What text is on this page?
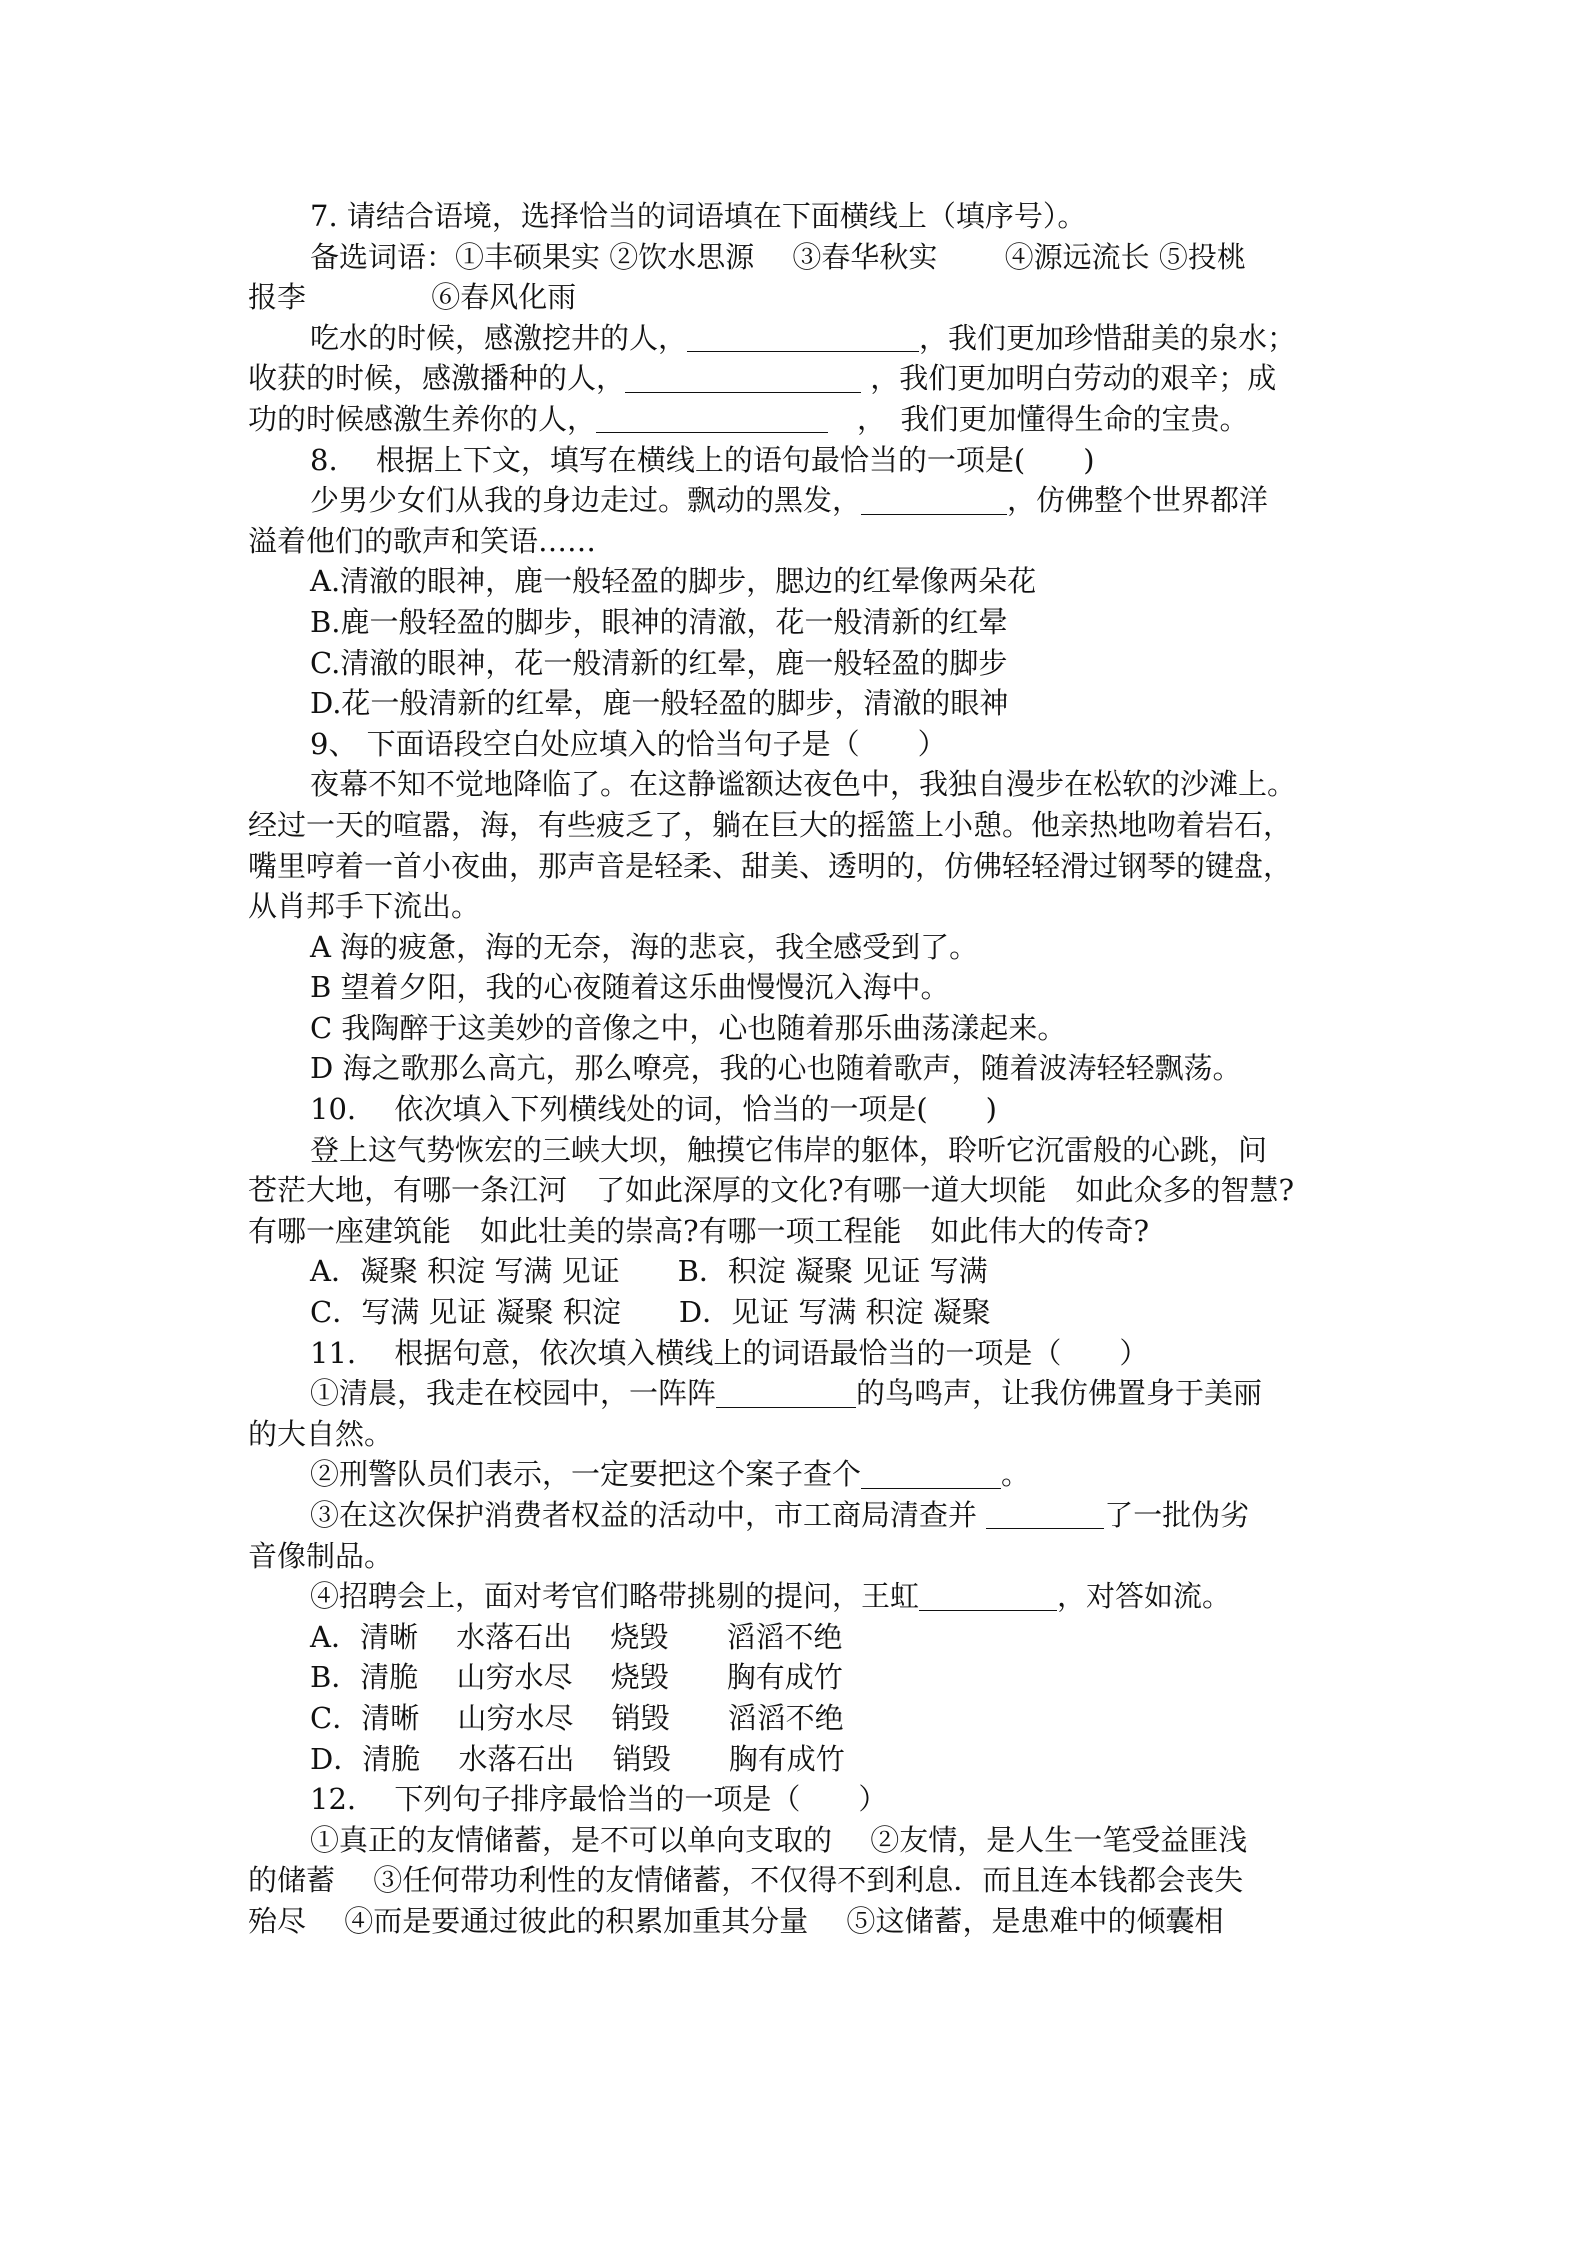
7. 请结合语境，选择恰当的词语填在下面横线上（填序号）。
备选词语：①丰硕果实 ②饮水思源　 ③春华秋实　 　④源远流长 ⑤投桃
报李　　 　　⑥春风化雨
吃水的时候，感激挖井的人，	，我们更加珍惜甜美的泉水；
收获的时候，感激播种的人，	，我们更加明白劳动的艰辛；成
功的时候感激生养你的人，	　，　我们更加懂得生命的宝贵。
8.　 根据上下文，填写在横线上的语句最恰当的一项是(　　)
少男少女们从我的身边走过。飘动的黑发，	，仿佛整个世界都洋
溢着他们的歌声和笑语……
A.清澈的眼神，鹿一般轻盈的脚步，腮边的红晕像两朵花
B.鹿一般轻盈的脚步，眼神的清澈，花一般清新的红晕
C.清澈的眼神，花一般清新的红晕，鹿一般轻盈的脚步
D.花一般清新的红晕，鹿一般轻盈的脚步，清澈的眼神
9、 下面语段空白处应填入的恰当句子是（　　）
夜幕不知不觉地降临了。在这静谧额达夜色中，我独自漫步在松软的沙滩上。
经过一天的喧嚣，海，有些疲乏了，躺在巨大的摇篮上小憩。他亲热地吻着岩石，
嘴里哼着一首小夜曲，那声音是轻柔、甜美、透明的，仿佛轻轻滑过钢琴的键盘，
从肖邦手下流出。
A 海的疲惫，海的无奈，海的悲哀，我全感受到了。
B 望着夕阳，我的心夜随着这乐曲慢慢沉入海中。
C 我陶醉于这美妙的音像之中，心也随着那乐曲荡漾起来。
D 海之歌那么高亢，那么嘹亮，我的心也随着歌声，随着波涛轻轻飘荡。
10.　 依次填入下列横线处的词，恰当的一项是(　　)
登上这气势恢宏的三峡大坝，触摸它伟岸的躯体，聆听它沉雷般的心跳，问
苍茫大地，有哪一条江河　了如此深厚的文化?有哪一道大坝能　如此众多的智慧?
有哪一座建筑能　如此壮美的崇高?有哪一项工程能　如此伟大的传奇?
A．凝聚 积淀 写满 见证　　B．积淀 凝聚 见证 写满
C．写满 见证 凝聚 积淀　　D．见证 写满 积淀 凝聚
11.　 根据句意，依次填入横线上的词语最恰当的一项是（　　）
①清晨，我走在校园中，一阵阵	的鸟鸣声，让我仿佛置身于美丽
的大自然。
②刑警队员们表示，一定要把这个案子查个	。
③在这次保护消费者权益的活动中，市工商局清查并	了一批伪劣
音像制品。
④招聘会上，面对考官们略带挑剔的提问，王虹	，对答如流。
A．清晰　 水落石出　 烧毁　　滔滔不绝
B．清脆　 山穷水尽　 烧毁　　胸有成竹
C．清晰　 山穷水尽　 销毁　　滔滔不绝
D．清脆　 水落石出　 销毁　　胸有成竹
12.　 下列句子排序最恰当的一项是（　　）
①真正的友情储蓄，是不可以单向支取的　 ②友情，是人生一笔受益匪浅
的储蓄　 ③任何带功利性的友情储蓄，不仅得不到利息．而且连本钱都会丧失
殆尽　 ④而是要通过彼此的积累加重其分量　 ⑤这储蓄，是患难中的倾囊相
